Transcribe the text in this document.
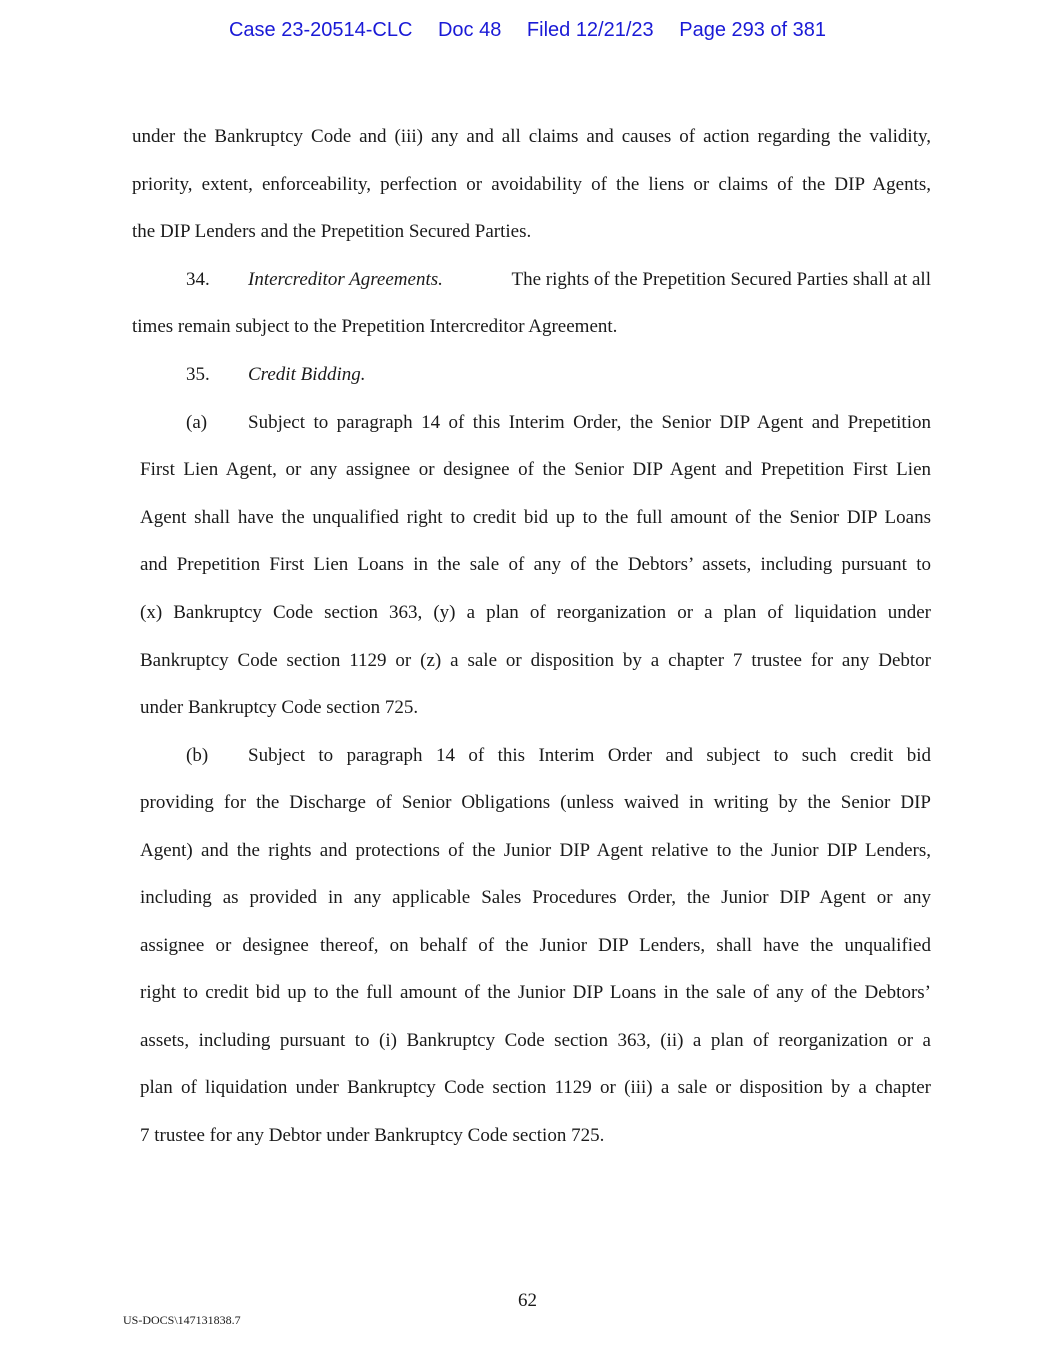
Case 23-20514-CLC Doc 48 Filed 12/21/23 Page 293 of 381
under the Bankruptcy Code and (iii) any and all claims and causes of action regarding the validity,
priority, extent, enforceability, perfection or avoidability of the liens or claims of the DIP Agents,
the DIP Lenders and the Prepetition Secured Parties.
34. Intercreditor Agreements.	The rights of the Prepetition Secured Parties shall at all
times remain subject to the Prepetition Intercreditor Agreement.
35. Credit Bidding.
(a) Subject to paragraph 14 of this Interim Order, the Senior DIP Agent and Prepetition
First Lien Agent, or any assignee or designee of the Senior DIP Agent and Prepetition First Lien
Agent shall have the unqualified right to credit bid up to the full amount of the Senior DIP Loans
and Prepetition First Lien Loans in the sale of any of the Debtors’ assets, including pursuant to
(x) Bankruptcy Code section 363, (y) a plan of reorganization or a plan of liquidation under
Bankruptcy Code section 1129 or (z) a sale or disposition by a chapter 7 trustee for any Debtor
under Bankruptcy Code section 725.
(b) Subject to paragraph 14 of this Interim Order and subject to such credit bid
providing for the Discharge of Senior Obligations (unless waived in writing by the Senior DIP
Agent) and the rights and protections of the Junior DIP Agent relative to the Junior DIP Lenders,
including as provided in any applicable Sales Procedures Order, the Junior DIP Agent or any
assignee or designee thereof, on behalf of the Junior DIP Lenders, shall have the unqualified
right to credit bid up to the full amount of the Junior DIP Loans in the sale of any of the Debtors’
assets, including pursuant to (i) Bankruptcy Code section 363, (ii) a plan of reorganization or a
plan of liquidation under Bankruptcy Code section 1129 or (iii) a sale or disposition by a chapter
7 trustee for any Debtor under Bankruptcy Code section 725.
62
US-DOCS\147131838.7
